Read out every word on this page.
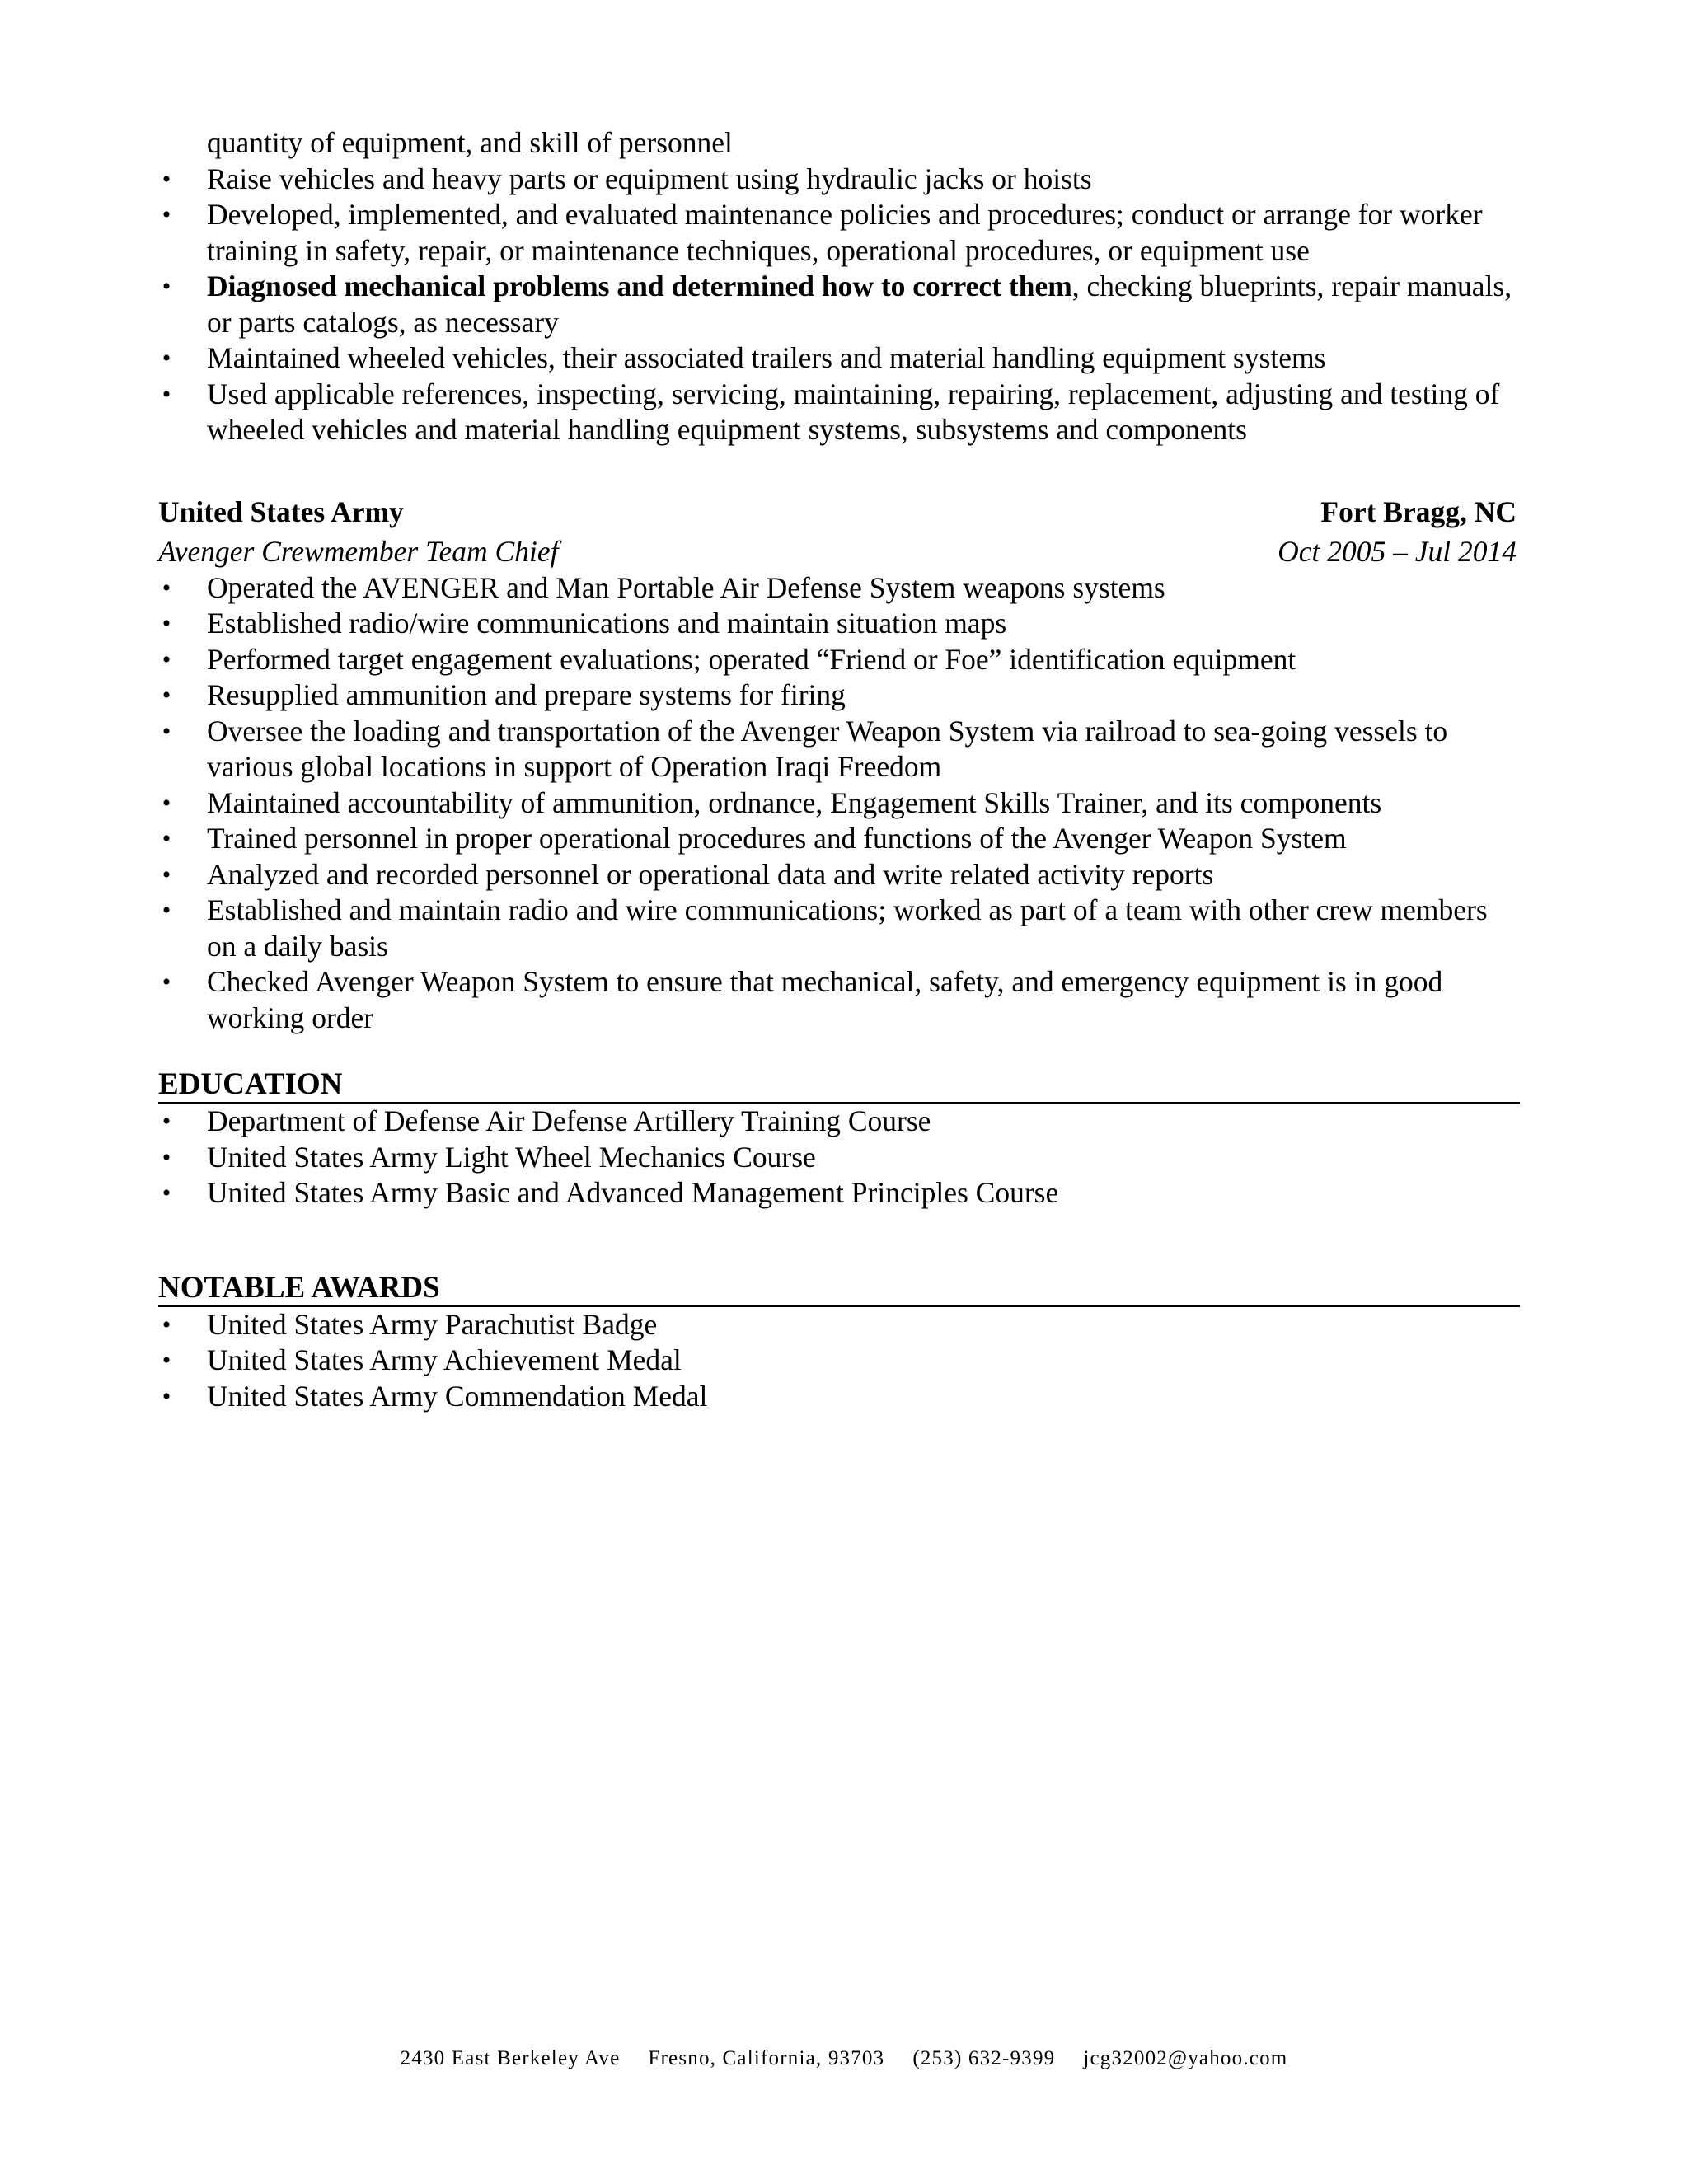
quantity of equipment, and skill of personnel
• Raise vehicles and heavy parts or equipment using hydraulic jacks or hoists
• Developed, implemented, and evaluated maintenance policies and procedures; conduct or arrange for worker training in safety, repair, or maintenance techniques, operational procedures, or equipment use
• Diagnosed mechanical problems and determined how to correct them, checking blueprints, repair manuals, or parts catalogs, as necessary
• Maintained wheeled vehicles, their associated trailers and material handling equipment systems
• Used applicable references, inspecting, servicing, maintaining, repairing, replacement, adjusting and testing of wheeled vehicles and material handling equipment systems, subsystems and components
United States Army	Fort Bragg, NC
Avenger Crewmember Team Chief	Oct 2005 – Jul 2014
• Operated the AVENGER and Man Portable Air Defense System weapons systems
• Established radio/wire communications and maintain situation maps
• Performed target engagement evaluations; operated “Friend or Foe” identification equipment
• Resupplied ammunition and prepare systems for firing
• Oversee the loading and transportation of the Avenger Weapon System via railroad to sea-going vessels to various global locations in support of Operation Iraqi Freedom
• Maintained accountability of ammunition, ordnance, Engagement Skills Trainer, and its components
• Trained personnel in proper operational procedures and functions of the Avenger Weapon System
• Analyzed and recorded personnel or operational data and write related activity reports
• Established and maintain radio and wire communications; worked as part of a team with other crew members on a daily basis
• Checked Avenger Weapon System to ensure that mechanical, safety, and emergency equipment is in good working order
EDUCATION
• Department of Defense Air Defense Artillery Training Course
• United States Army Light Wheel Mechanics Course
• United States Army Basic and Advanced Management Principles Course
NOTABLE AWARDS
• United States Army Parachutist Badge
• United States Army Achievement Medal
• United States Army Commendation Medal
2430 East Berkeley Ave Fresno, California, 93703 (253) 632-9399 jcg32002@yahoo.com
